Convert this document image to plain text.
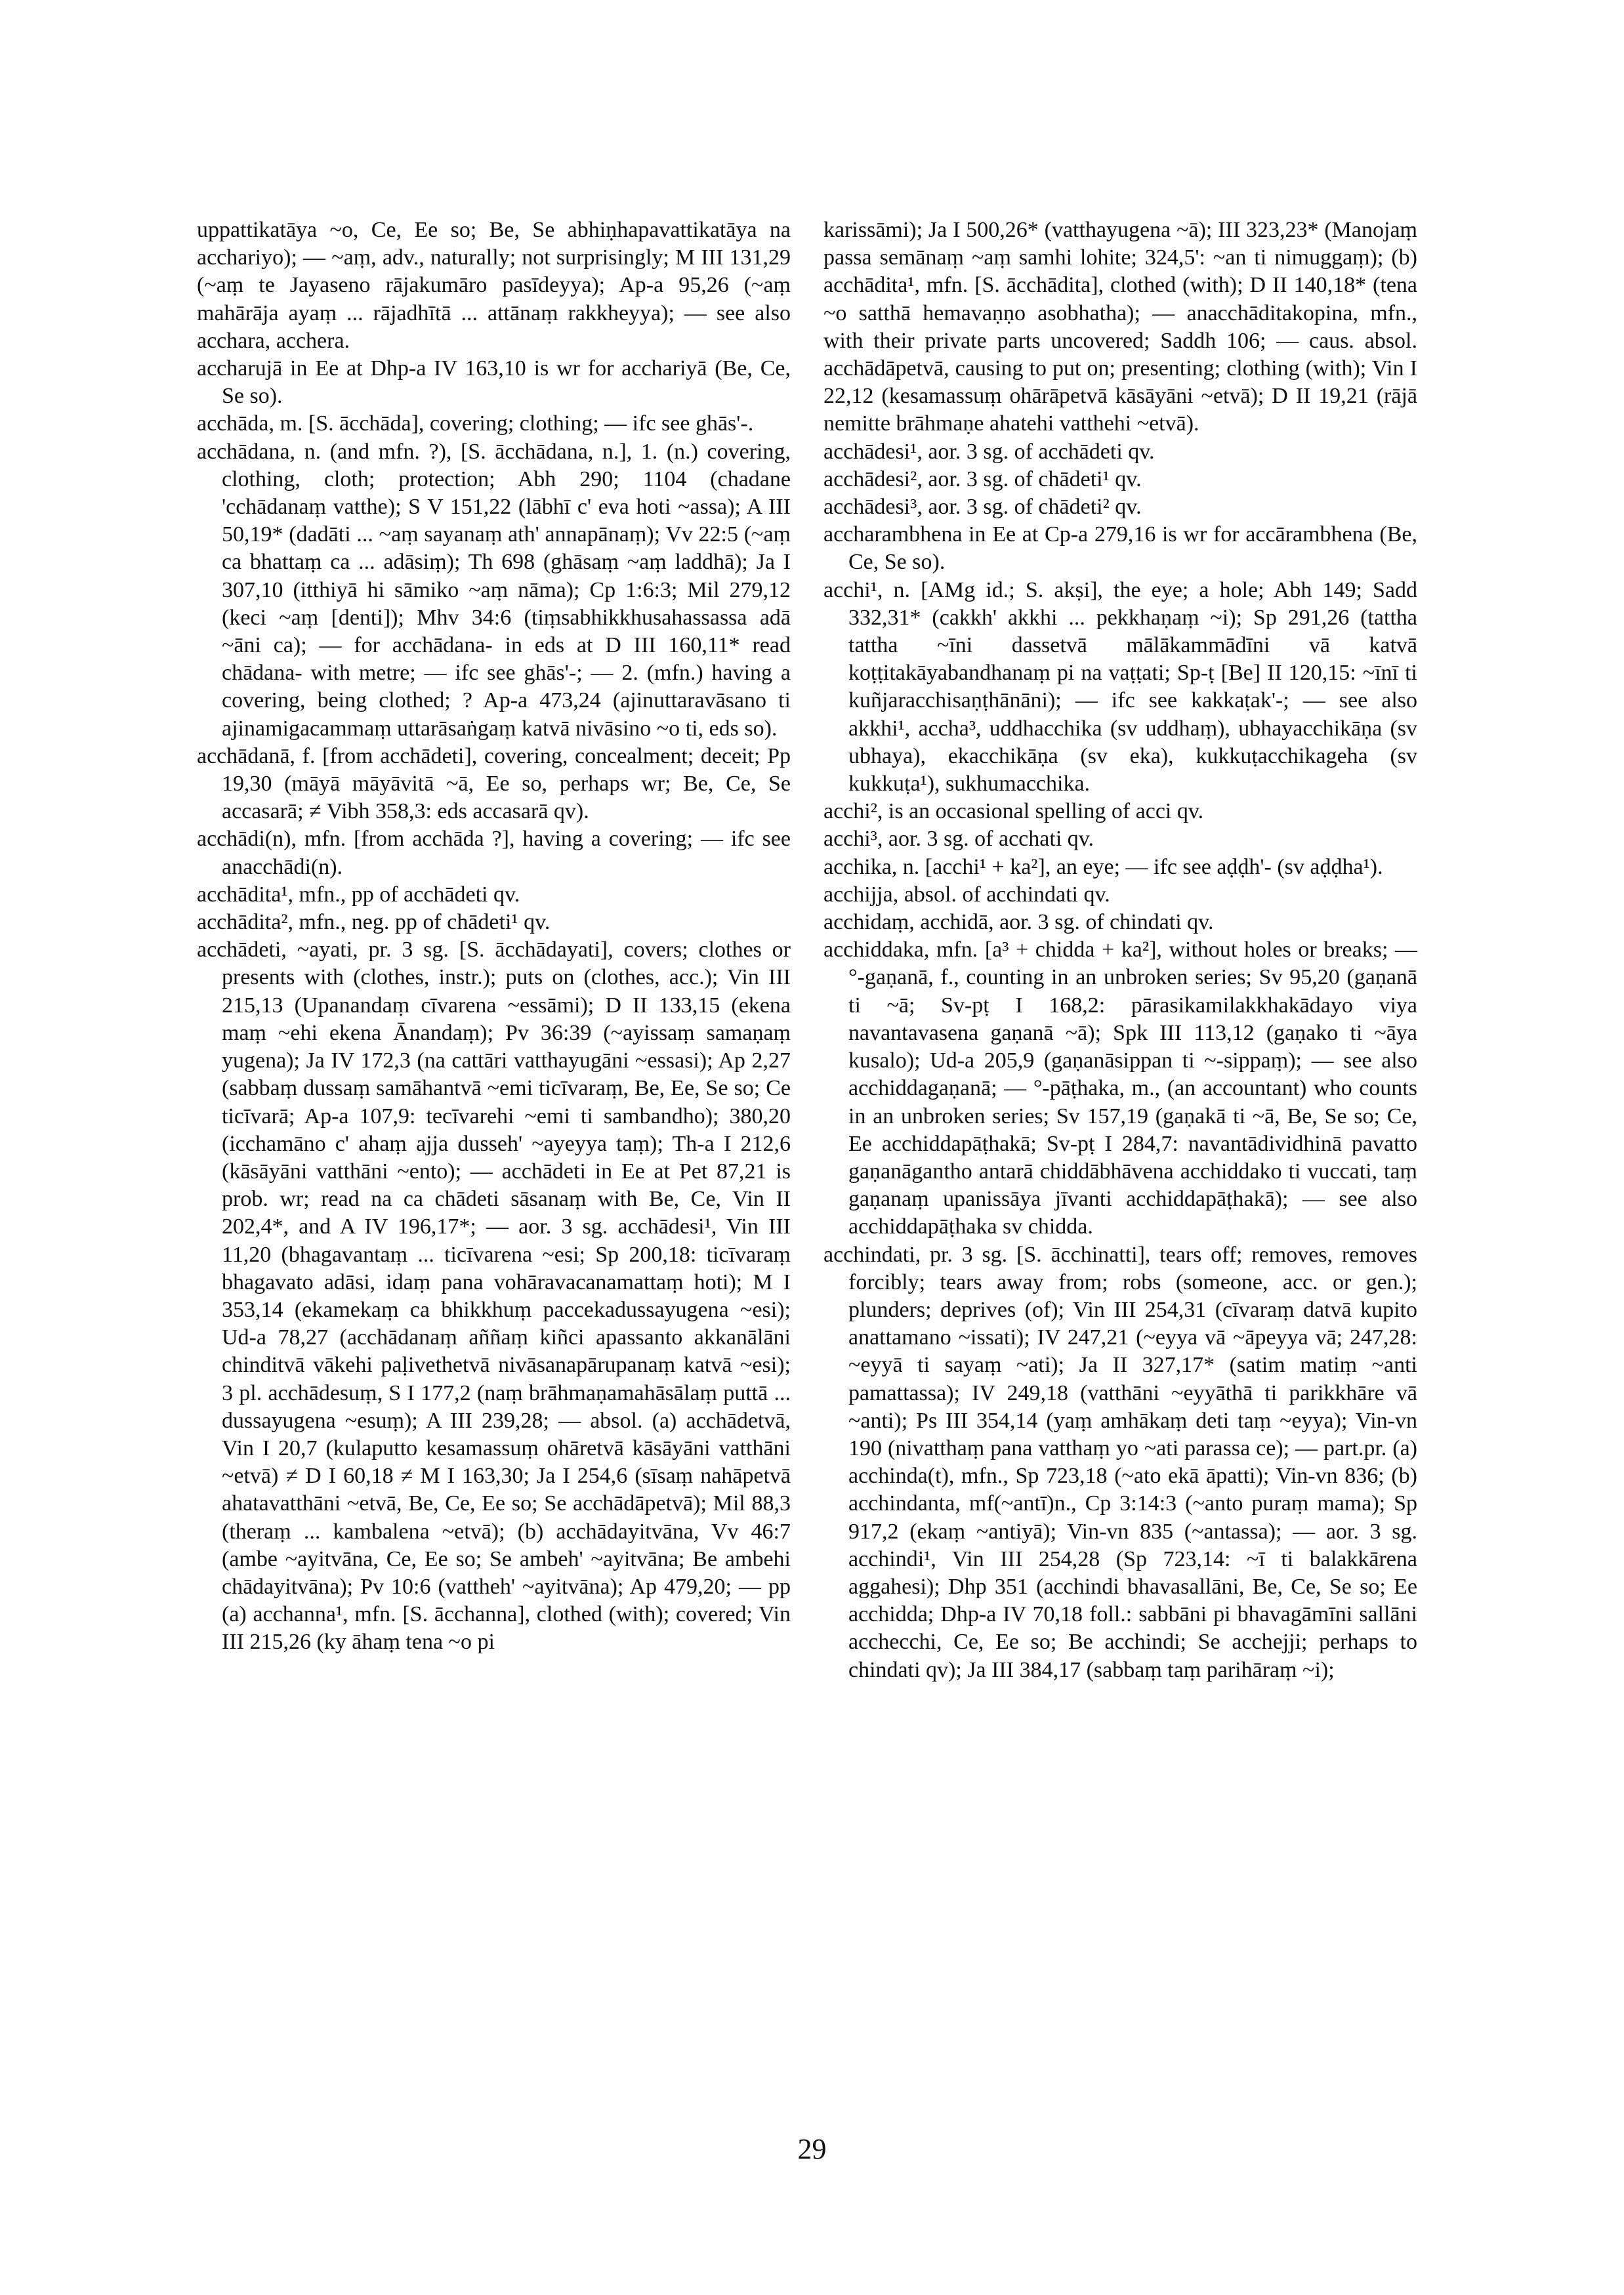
uppattikatāya ~o, Ce, Ee so; Be, Se abhiṇhapavattikatāya na acchariyo); — ~aṃ, adv., naturally; not surprisingly; M III 131,29 (~aṃ te Jayaseno rājakumāro pasīdeyya); Ap-a 95,26 (~aṃ mahārāja ayaṃ ... rājadhītā ... attānaṃ rakkheyya); — see also acchara, acchera.

accharujā in Ee at Dhp-a IV 163,10 is wr for acchariyā (Be, Ce, Se so).

acchāda, m. [S. ācchāda], covering; clothing; — ifc see ghās'-.

acchādana, n. (and mfn. ?), [S. ācchādana, n.], 1. (n.) covering, clothing, cloth; protection; Abh 290; 1104 (chadane 'cchādanaṃ vatthe); S V 151,22 (lābhī c' eva hoti ~assa); A III 50,19* (dadāti ... ~aṃ sayanaṃ ath' annapānaṃ); Vv 22:5 (~aṃ ca bhattaṃ ca ... adāsiṃ); Th 698 (ghāsaṃ ~aṃ laddhā); Ja I 307,10 (itthiyā hi sāmiko ~aṃ nāma); Cp 1:6:3; Mil 279,12 (keci ~aṃ [denti]); Mhv 34:6 (tiṃsabhikkhusahassassa adā ~āni ca); — for acchādana- in eds at D III 160,11* read chādana- with metre; — ifc see ghās'-; — 2. (mfn.) having a covering, being clothed; ? Ap-a 473,24 (ajinuttaravāsano ti ajinamigacammaṃ uttarāsaṅgaṃ katvā nivāsino ~o ti, eds so).

acchādanā, f. [from acchādeti], covering, concealment; deceit; Pp 19,30 (māyā māyāvitā ~ā, Ee so, perhaps wr; Be, Ce, Se accasarā; ≠ Vibh 358,3: eds accasarā qv).

acchādi(n), mfn. [from acchāda ?], having a covering; — ifc see anacchādi(n).

acchādita¹, mfn., pp of acchādeti qv.

acchādita², mfn., neg. pp of chādeti¹ qv.

acchādeti, ~ayati, pr. 3 sg. [S. ācchādayati], covers; clothes or presents with (clothes, instr.); puts on (clothes, acc.); Vin III 215,13 (Upanandaṃ cīvarena ~essāmi); D II 133,15 (ekena maṃ ~ehi ekena Ānandaṃ); Pv 36:39 (~ayissaṃ samaṇaṃ yugena); Ja IV 172,3 (na cattāri vatthayugāni ~essasi); Ap 2,27 (sabbaṃ dussaṃ samāhantvā ~emi ticīvaraṃ, Be, Ee, Se so; Ce ticīvarā; Ap-a 107,9: tecīvarehi ~emi ti sambandho); 380,20 (icchamāno c' ahaṃ ajja dusseh' ~ayeyya taṃ); Th-a I 212,6 (kāsāyāni vatthāni ~ento); — acchādeti in Ee at Pet 87,21 is prob. wr; read na ca chādeti sāsanaṃ with Be, Ce, Vin II 202,4*, and A IV 196,17*; — aor. 3 sg. acchādesi¹, Vin III 11,20 (bhagavantaṃ ... ticīvarena ~esi; Sp 200,18: ticīvaraṃ bhagavato adāsi, idaṃ pana vohāravacanamattaṃ hoti); M I 353,14 (ekamekaṃ ca bhikkhuṃ paccekadussayugena ~esi); Ud-a 78,27 (acchādanaṃ aññaṃ kiñci apassanto akkanālāni chinditvā vākehi paḷivethetvā nivāsanapārupanaṃ katvā ~esi); 3 pl. acchādesuṃ, S I 177,2 (naṃ brāhmaṇamahāsālaṃ puttā ... dussayugena ~esuṃ); A III 239,28; — absol. (a) acchādetvā, Vin I 20,7 (kulaputto kesamassuṃ ohāretvā kāsāyāni vatthāni ~etvā) ≠ D I 60,18 ≠ M I 163,30; Ja I 254,6 (sīsaṃ nahāpetvā ahatavatthāni ~etvā, Be, Ce, Ee so; Se acchādāpetvā); Mil 88,3 (theraṃ ... kambalena ~etvā); (b) acchādayitvāna, Vv 46:7 (ambe ~ayitvāna, Ce, Ee so; Se ambeh' ~ayitvāna; Be ambehi chādayitvāna); Pv 10:6 (vattheh' ~ayitvāna); Ap 479,20; — pp (a) acchanna¹, mfn. [S. ācchanna], clothed (with); covered; Vin III 215,26 (ky āhaṃ tena ~o pi

karissāmi); Ja I 500,26* (vatthayugena ~ā); III 323,23* (Manojaṃ passa semānaṃ ~aṃ samhi lohite; 324,5': ~an ti nimuggaṃ); (b) acchādita¹, mfn. [S. ācchādita], clothed (with); D II 140,18* (tena ~o satthā hemavaṇṇo asobhatha); — anacchāditakopina, mfn., with their private parts uncovered; Saddh 106; — caus. absol. acchādāpetvā, causing to put on; presenting; clothing (with); Vin I 22,12 (kesamassuṃ ohārāpetvā kāsāyāni ~etvā); D II 19,21 (rājā nemitte brāhmaṇe ahatehi vatthehi ~etvā).

acchādesi¹, aor. 3 sg. of acchādeti qv.

acchādesi², aor. 3 sg. of chādeti¹ qv.

acchādesi³, aor. 3 sg. of chādeti² qv.

accharambhena in Ee at Cp-a 279,16 is wr for accārambhena (Be, Ce, Se so).

acchi¹, n. [AMg id.; S. akṣi], the eye; a hole; Abh 149; Sadd 332,31* (cakkh' akkhi ... pekkhaṇaṃ ~i); Sp 291,26 (tattha tattha ~īni dassetvā mālākammādīni vā katvā koṭṭitakāyabandhanaṃ pi na vaṭṭati; Sp-ṭ [Be] II 120,15: ~īnī ti kuñjaracchisaṇṭhānāni); — ifc see kakkaṭak'-; — see also akkhi¹, accha³, uddhacchika (sv uddhaṃ), ubhayacchikāṇa (sv ubhaya), ekacchikāṇa (sv eka), kukkuṭacchikageha (sv kukkuṭa¹), sukhumacchika.

acchi², is an occasional spelling of acci qv.

acchi³, aor. 3 sg. of acchati qv.

acchika, n. [acchi¹ + ka²], an eye; — ifc see aḍḍh'- (sv aḍḍha¹).

acchijja, absol. of acchindati qv.

acchidaṃ, acchidā, aor. 3 sg. of chindati qv.

acchiddaka, mfn. [a³ + chidda + ka²], without holes or breaks; — °-gaṇanā, f., counting in an unbroken series; Sv 95,20 (gaṇanā ti ~ā; Sv-pṭ I 168,2: pārasikamilakkhakādayo viya navantavasena gaṇanā ~ā); Spk III 113,12 (gaṇako ti ~āya kusalo); Ud-a 205,9 (gaṇanāsippan ti ~-sippaṃ); — see also acchiddagaṇanā; — °-pāṭhaka, m., (an accountant) who counts in an unbroken series; Sv 157,19 (gaṇakā ti ~ā, Be, Se so; Ce, Ee acchiddapāṭhakā; Sv-pṭ I 284,7: navantādividhinā pavatto gaṇanāgantho antarā chiddābhāvena acchiddako ti vuccati, taṃ gaṇanaṃ upanissāya jīvanti acchiddapāṭhakā); — see also acchiddapāṭhaka sv chidda.

acchindati, pr. 3 sg. [S. ācchinatti], tears off; removes, removes forcibly; tears away from; robs (someone, acc. or gen.); plunders; deprives (of); Vin III 254,31 (cīvaraṃ datvā kupito anattamano ~issati); IV 247,21 (~eyya vā ~āpeyya vā; 247,28: ~eyyā ti sayaṃ ~ati); Ja II 327,17* (satim matiṃ ~anti pamattassa); IV 249,18 (vatthāni ~eyyāthā ti parikkhāre vā ~anti); Ps III 354,14 (yaṃ amhākaṃ deti taṃ ~eyya); Vin-vn 190 (nivatthaṃ pana vatthaṃ yo ~ati parassa ce); — part.pr. (a) acchinda(t), mfn., Sp 723,18 (~ato ekā āpatti); Vin-vn 836; (b) acchindanta, mf(~antī)n., Cp 3:14:3 (~anto puraṃ mama); Sp 917,2 (ekaṃ ~antiyā); Vin-vn 835 (~antassa); — aor. 3 sg. acchindi¹, Vin III 254,28 (Sp 723,14: ~ī ti balakkārena aggahesi); Dhp 351 (acchindi bhavasallāni, Be, Ce, Se so; Ee acchidda; Dhp-a IV 70,18 foll.: sabbāni pi bhavagāmīni sallāni acchecchi, Ce, Ee so; Be acchindi; Se acchejji; perhaps to chindati qv); Ja III 384,17 (sabbaṃ taṃ parihāraṃ ~i);

29
